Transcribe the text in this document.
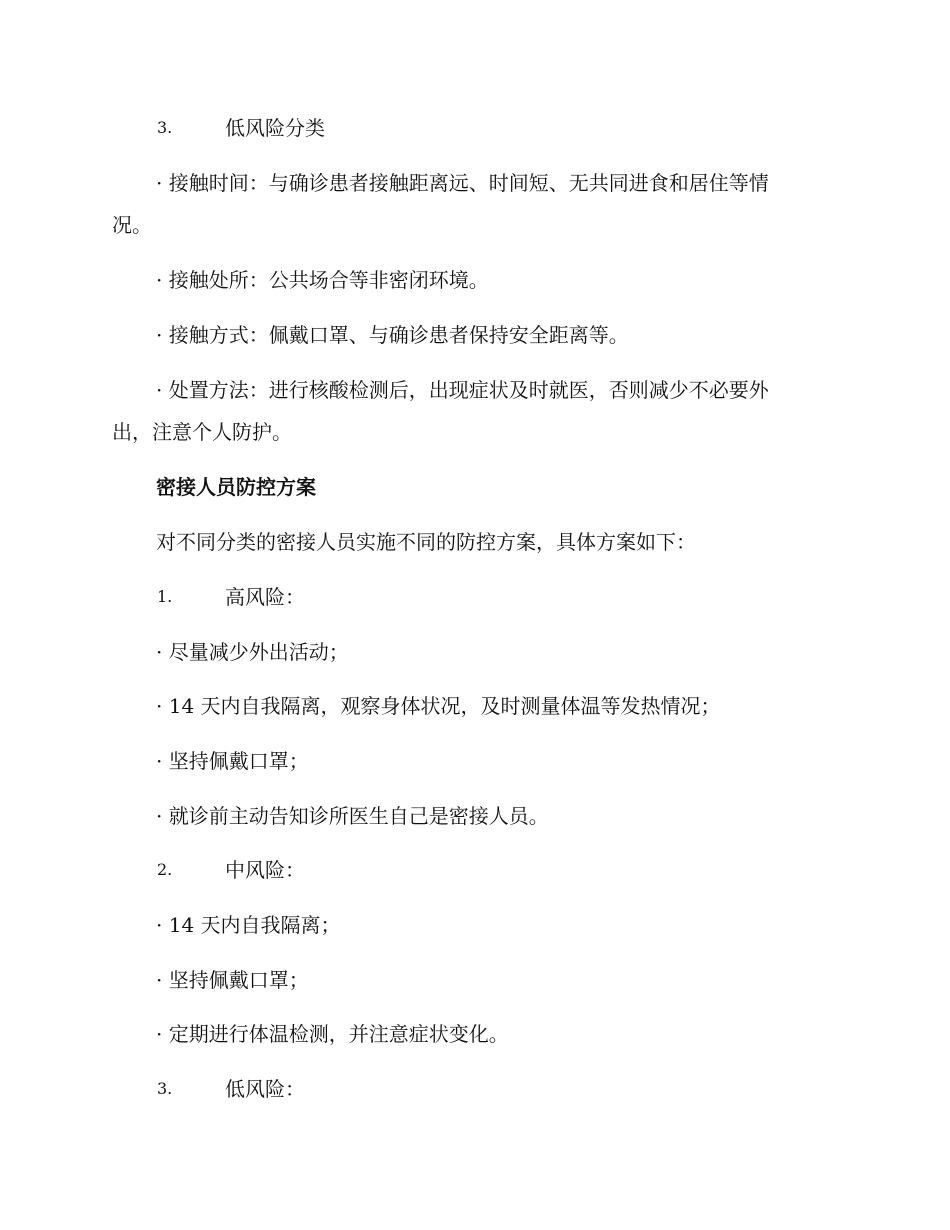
3.	低风险分类
· 接触时间：与确诊患者接触距离远、时间短、无共同进食和居住等情
况。
· 接触处所：公共场合等非密闭环境。
· 接触方式：佩戴口罩、与确诊患者保持安全距离等。
· 处置方法：进行核酸检测后，出现症状及时就医，否则减少不必要外
出，注意个人防护。
密接人员防控方案
对不同分类的密接人员实施不同的防控方案，具体方案如下：
1.	高风险：
· 尽量减少外出活动；
· 14 天内自我隔离，观察身体状况，及时测量体温等发热情况；
· 坚持佩戴口罩；
· 就诊前主动告知诊所医生自己是密接人员。
2.	中风险：
· 14 天内自我隔离；
· 坚持佩戴口罩；
· 定期进行体温检测，并注意症状变化。
3.	低风险：
